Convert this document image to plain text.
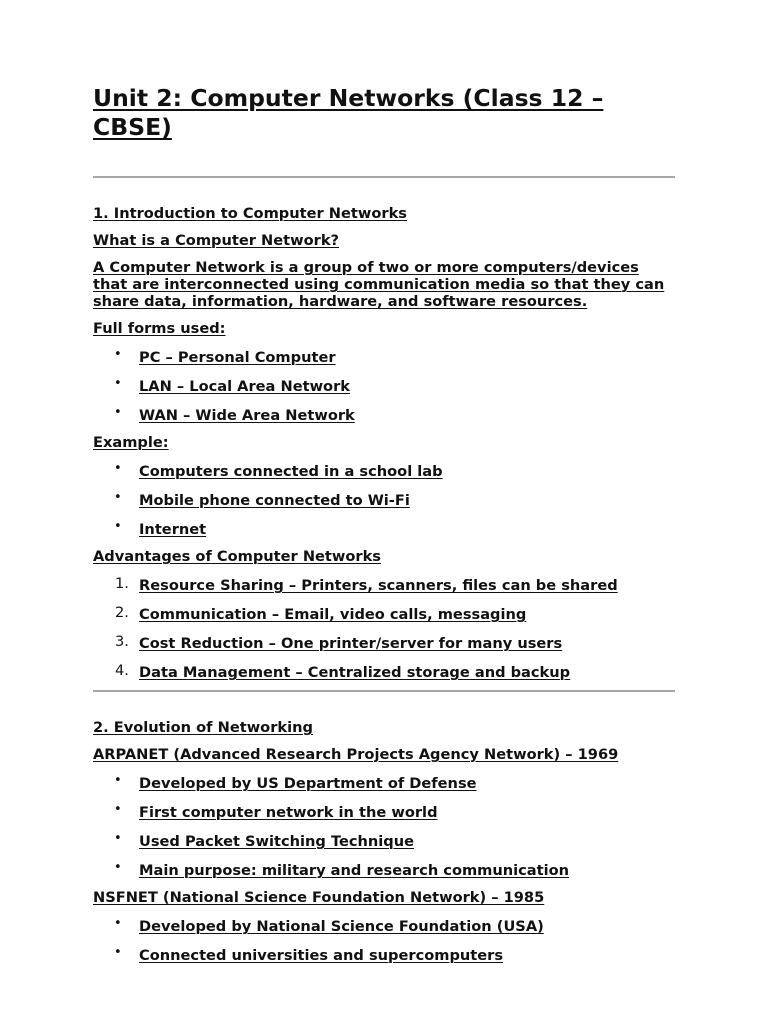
Unit 2: Computer Networks (Class 12 – CBSE)

1. Introduction to Computer Networks

What is a Computer Network?

A Computer Network is a group of two or more computers/devices that are interconnected using communication media so that they can share data, information, hardware, and software resources.

Full forms used:

• PC – Personal Computer
• LAN – Local Area Network
• WAN – Wide Area Network

Example:

• Computers connected in a school lab
• Mobile phone connected to Wi-Fi
• Internet

Advantages of Computer Networks

1. Resource Sharing – Printers, scanners, files can be shared
2. Communication – Email, video calls, messaging
3. Cost Reduction – One printer/server for many users
4. Data Management – Centralized storage and backup

2. Evolution of Networking

ARPANET (Advanced Research Projects Agency Network) – 1969

• Developed by US Department of Defense
• First computer network in the world
• Used Packet Switching Technique
• Main purpose: military and research communication

NSFNET (National Science Foundation Network) – 1985

• Developed by National Science Foundation (USA)
• Connected universities and supercomputers
